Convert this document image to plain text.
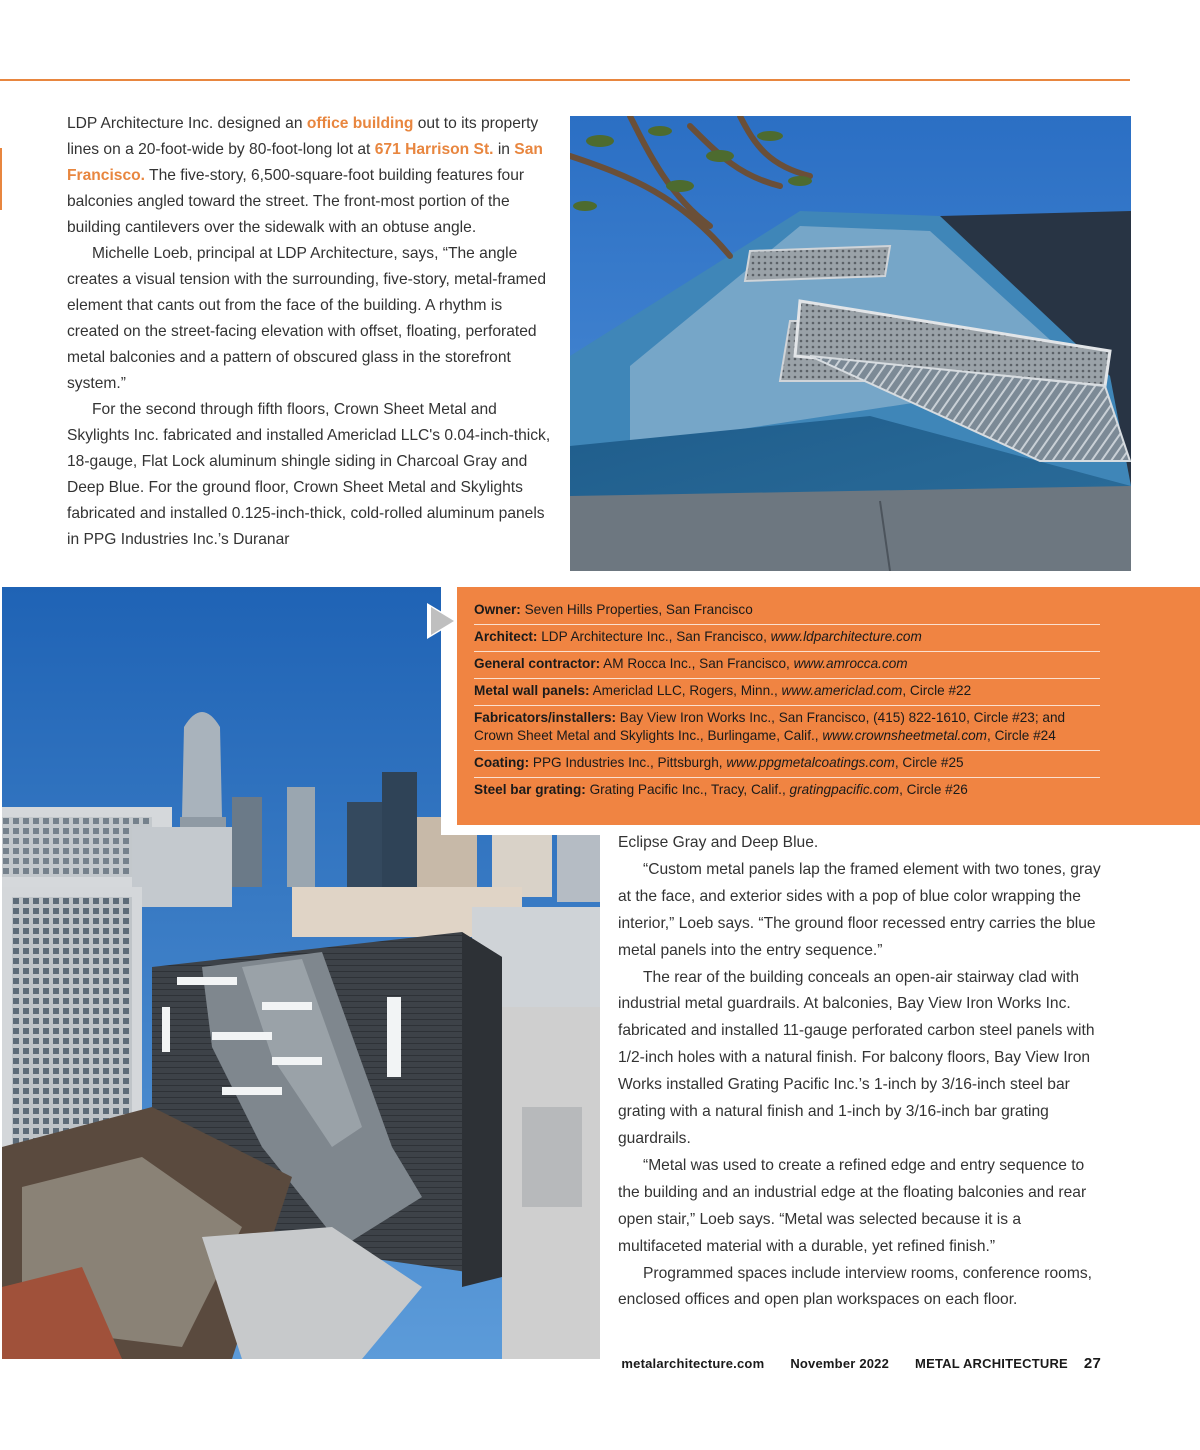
LDP Architecture Inc. designed an office building out to its property lines on a 20-foot-wide by 80-foot-long lot at 671 Harrison St. in San Francisco. The five-story, 6,500-square-foot building features four balconies angled toward the street. The front-most portion of the building cantilevers over the sidewalk with an obtuse angle.

Michelle Loeb, principal at LDP Architecture, says, “The angle creates a visual tension with the surrounding, five-story, metal-framed element that cants out from the face of the building. A rhythm is created on the street-facing elevation with offset, floating, perforated metal balconies and a pattern of obscured glass in the storefront system.”

For the second through fifth floors, Crown Sheet Metal and Skylights Inc. fabricated and installed Americlad LLC's 0.04-inch-thick, 18-gauge, Flat Lock aluminum shingle siding in Charcoal Gray and Deep Blue. For the ground floor, Crown Sheet Metal and Skylights fabricated and installed 0.125-inch-thick, cold-rolled aluminum panels in PPG Industries Inc.’s Duranar

Owner: Seven Hills Properties, San Francisco
Architect: LDP Architecture Inc., San Francisco, www.ldparchitecture.com
General contractor: AM Rocca Inc., San Francisco, www.amrocca.com
Metal wall panels: Americlad LLC, Rogers, Minn., www.americlad.com, Circle #22
Fabricators/installers: Bay View Iron Works Inc., San Francisco, (415) 822-1610, Circle #23; and Crown Sheet Metal and Skylights Inc., Burlingame, Calif., www.crownsheetmetal.com, Circle #24
Coating: PPG Industries Inc., Pittsburgh, www.ppgmetalcoatings.com, Circle #25
Steel bar grating: Grating Pacific Inc., Tracy, Calif., gratingpacific.com, Circle #26

Eclipse Gray and Deep Blue.

“Custom metal panels lap the framed element with two tones, gray at the face, and exterior sides with a pop of blue color wrapping the interior,” Loeb says. “The ground floor recessed entry carries the blue metal panels into the entry sequence.”

The rear of the building conceals an open-air stairway clad with industrial metal guardrails. At balconies, Bay View Iron Works Inc. fabricated and installed 11-gauge perforated carbon steel panels with 1/2-inch holes with a natural finish. For balcony floors, Bay View Iron Works installed Grating Pacific Inc.’s 1-inch by 3/16-inch steel bar grating with a natural finish and 1-inch by 3/16-inch bar grating guardrails.

“Metal was used to create a refined edge and entry sequence to the building and an industrial edge at the floating balconies and rear open stair,” Loeb says. “Metal was selected because it is a multifaceted material with a durable, yet refined finish.”

Programmed spaces include interview rooms, conference rooms, enclosed offices and open plan workspaces on each floor.

metalarchitecture.com November 2022 METAL ARCHITECTURE 27
